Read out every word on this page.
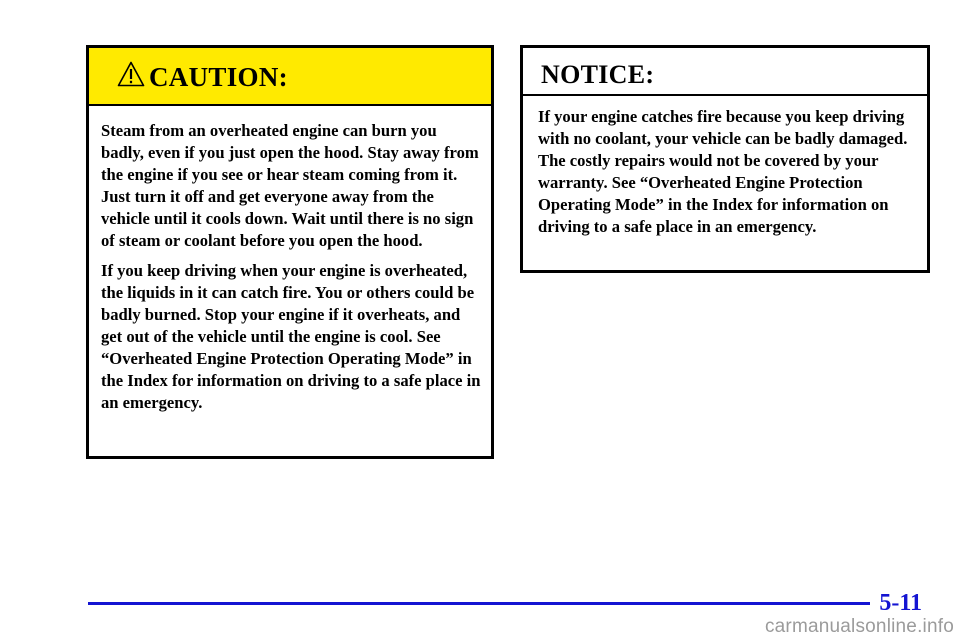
CAUTION:

Steam from an overheated engine can burn you badly, even if you just open the hood. Stay away from the engine if you see or hear steam coming from it. Just turn it off and get everyone away from the vehicle until it cools down. Wait until there is no sign of steam or coolant before you open the hood.

If you keep driving when your engine is overheated, the liquids in it can catch fire. You or others could be badly burned. Stop your engine if it overheats, and get out of the vehicle until the engine is cool. See “Overheated Engine Protection Operating Mode” in the Index for information on driving to a safe place in an emergency.

NOTICE:

If your engine catches fire because you keep driving with no coolant, your vehicle can be badly damaged. The costly repairs would not be covered by your warranty. See “Overheated Engine Protection Operating Mode” in the Index for information on driving to a safe place in an emergency.

5-11
carmanualsonline.info
